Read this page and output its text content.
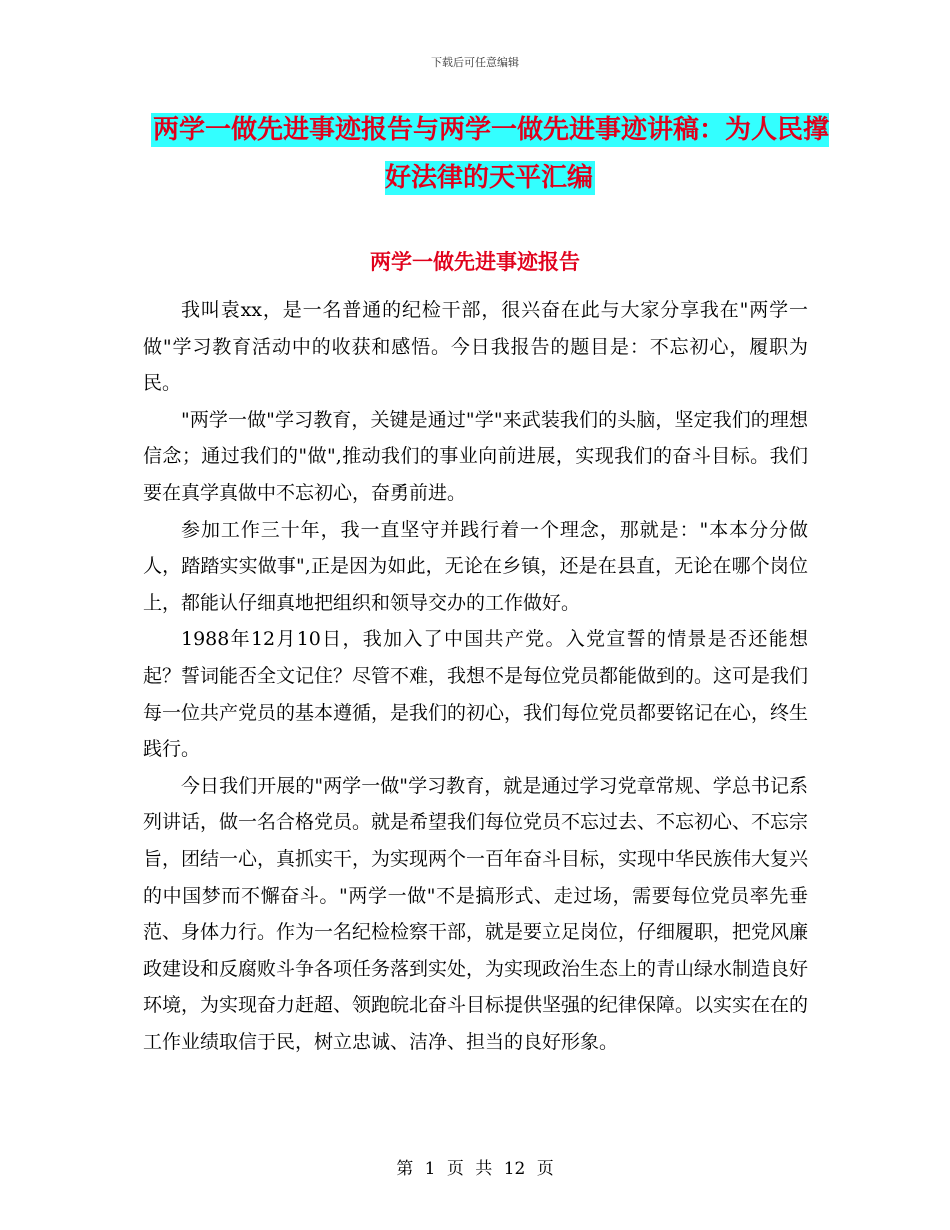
下载后可任意编辑
两学一做先进事迹报告与两学一做先进事迹讲稿：为人民撑好法律的天平汇编
两学一做先进事迹报告

我叫袁xx，是一名普通的纪检干部，很兴奋在此与大家分享我在"两学一做"学习教育活动中的收获和感悟。今日我报告的题目是：不忘初心，履职为民。

"两学一做"学习教育，关键是通过"学"来武装我们的头脑，坚定我们的理想信念；通过我们的"做",推动我们的事业向前进展，实现我们的奋斗目标。我们要在真学真做中不忘初心，奋勇前进。

参加工作三十年，我一直坚守并践行着一个理念，那就是："本本分分做人，踏踏实实做事",正是因为如此，无论在乡镇，还是在县直，无论在哪个岗位上，都能认仔细真地把组织和领导交办的工作做好。

1988年12月10日，我加入了中国共产党。入党宣誓的情景是否还能想起？誓词能否全文记住？尽管不难，我想不是每位党员都能做到的。这可是我们每一位共产党员的基本遵循，是我们的初心，我们每位党员都要铭记在心，终生践行。

今日我们开展的"两学一做"学习教育，就是通过学习党章常规、学总书记系列讲话，做一名合格党员。就是希望我们每位党员不忘过去、不忘初心、不忘宗旨，团结一心，真抓实干，为实现两个一百年奋斗目标，实现中华民族伟大复兴的中国梦而不懈奋斗。"两学一做"不是搞形式、走过场，需要每位党员率先垂范、身体力行。作为一名纪检检察干部，就是要立足岗位，仔细履职，把党风廉政建设和反腐败斗争各项任务落到实处，为实现政治生态上的青山绿水制造良好环境，为实现奋力赶超、领跑皖北奋斗目标提供坚强的纪律保障。以实实在在的工作业绩取信于民，树立忠诚、洁净、担当的良好形象。

第 1 页 共 12 页
